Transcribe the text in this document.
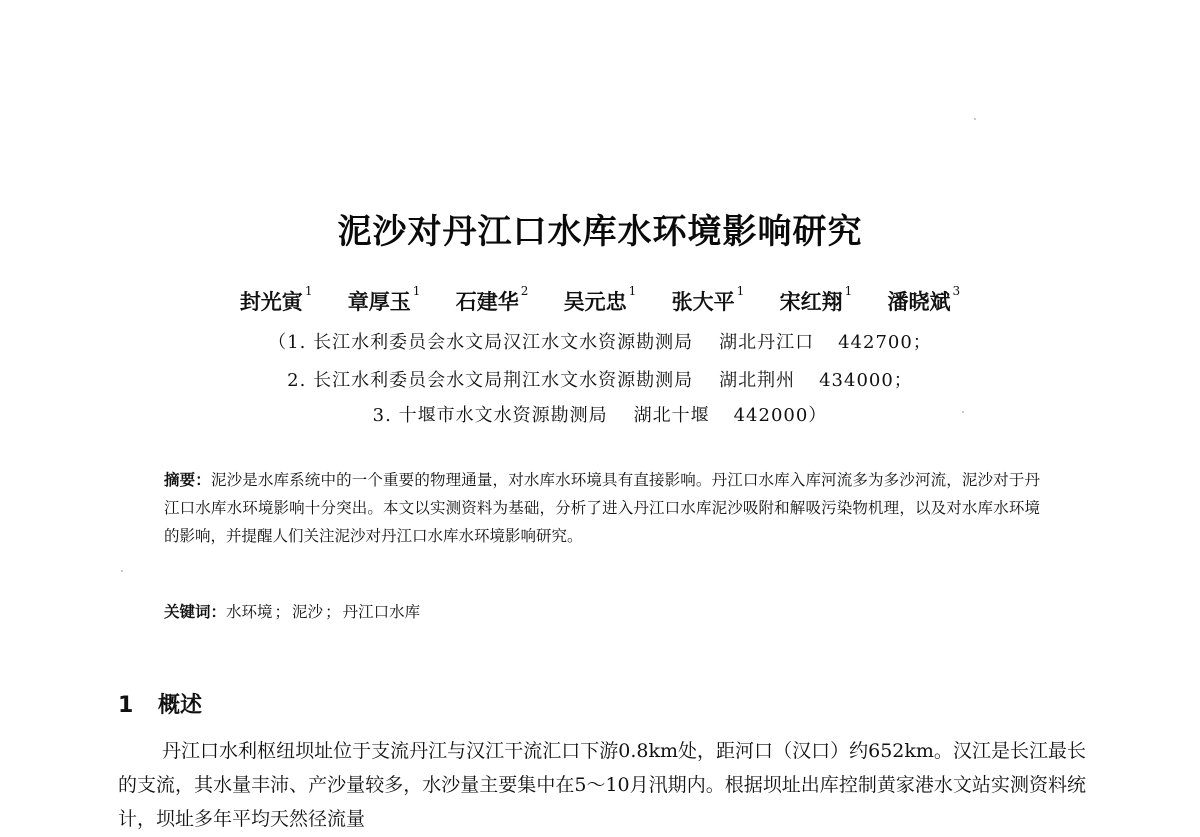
泥沙对丹江口水库水环境影响研究
封光寅 $^1$ 章厚玉 $^1$ 石建华 $^2$ 吴元忠 $^1$ 张大平 $^1$ 宋红翔 $^1$ 潘晓斌 $^3$
（1. 长江水利委员会水文局汉江水文水资源勘测局 湖北丹江口 442700；
2. 长江水利委员会水文局荆江水文水资源勘测局 湖北荆州 434000；
3. 十堰市水文水资源勘测局 湖北十堰 442000）
摘要：泥沙是水库系统中的一个重要的物理通量，对水库水环境具有直接影响。丹江口水库入库河流多为多沙河流，泥沙对于丹江口水库水环境影响十分突出。本文以实测资料为基础，分析了进入丹江口水库泥沙吸附和解吸污染物机理，以及对水库水环境的影响，并提醒人们关注泥沙对丹江口水库水环境影响研究。
关键词：水环境 ； 泥沙 ； 丹江口水库
1 概述
丹江口水利枢纽坝址位于支流丹江与汉江干流汇口下游0.8km处，距河口（汉口）约652km。汉江是长江最长的支流，其水量丰沛、产沙量较多，水沙量主要集中在5～10月汛期内。根据坝址出库控制黄家港水文站实测资料统计，坝址多年平均天然径流量
